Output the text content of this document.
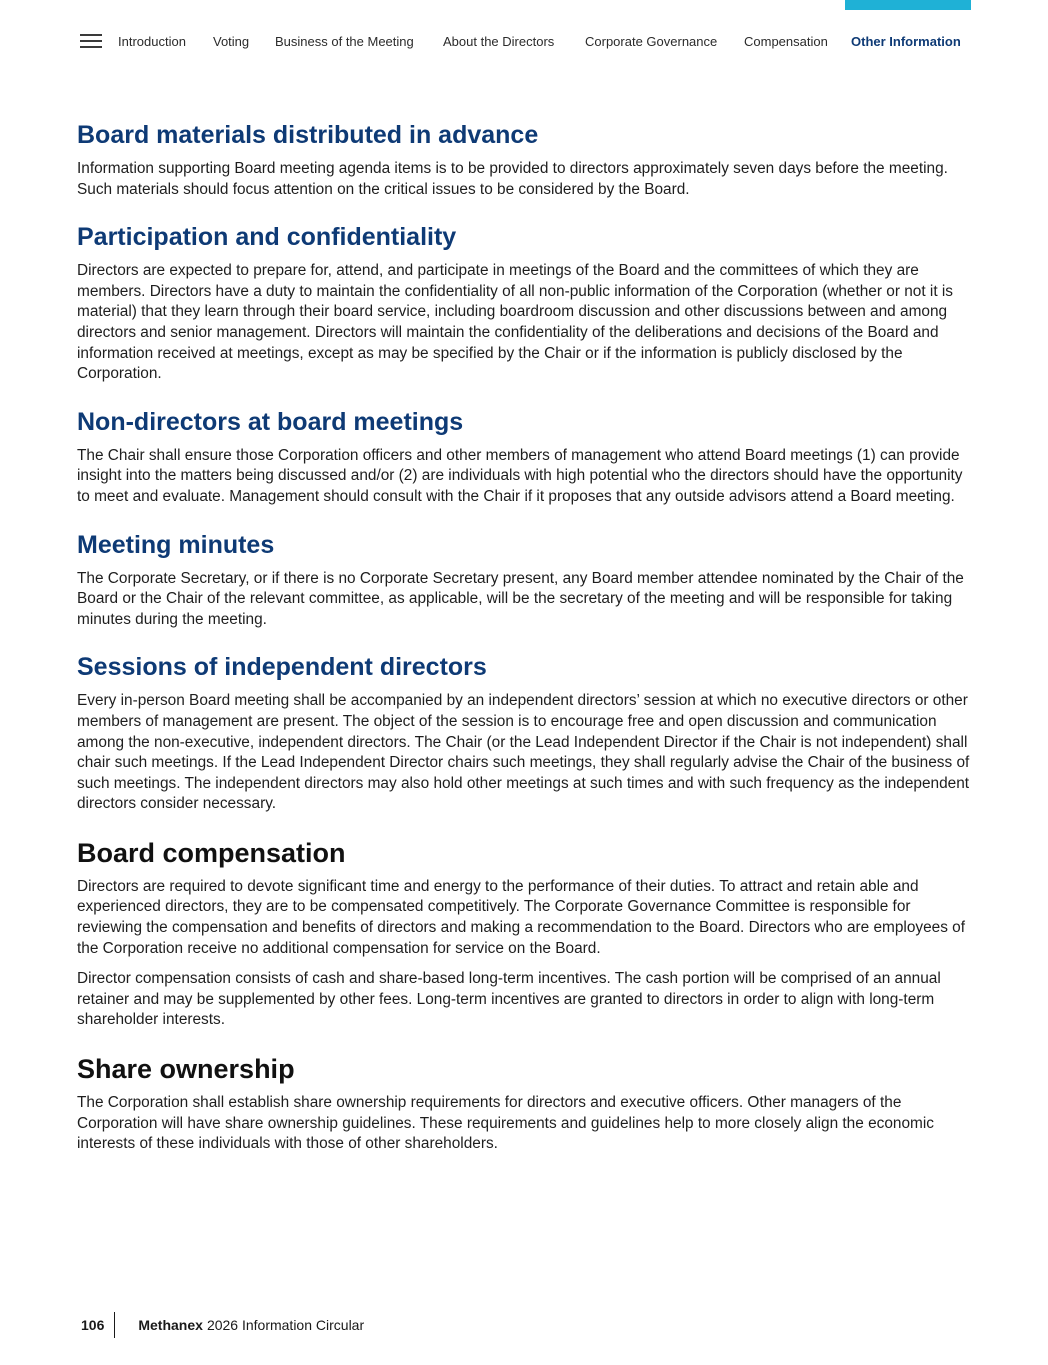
Introduction Voting Business of the Meeting About the Directors Corporate Governance Compensation Other Information
Board materials distributed in advance

Information supporting Board meeting agenda items is to be provided to directors approximately seven days before the meeting. Such materials should focus attention on the critical issues to be considered by the Board.

Participation and confidentiality

Directors are expected to prepare for, attend, and participate in meetings of the Board and the committees of which they are members. Directors have a duty to maintain the confidentiality of all non-public information of the Corporation (whether or not it is material) that they learn through their board service, including boardroom discussion and other discussions between and among directors and senior management. Directors will maintain the confidentiality of the deliberations and decisions of the Board and information received at meetings, except as may be specified by the Chair or if the information is publicly disclosed by the Corporation.

Non-directors at board meetings

The Chair shall ensure those Corporation officers and other members of management who attend Board meetings (1) can provide insight into the matters being discussed and/or (2) are individuals with high potential who the directors should have the opportunity to meet and evaluate. Management should consult with the Chair if it proposes that any outside advisors attend a Board meeting.

Meeting minutes

The Corporate Secretary, or if there is no Corporate Secretary present, any Board member attendee nominated by the Chair of the Board or the Chair of the relevant committee, as applicable, will be the secretary of the meeting and will be responsible for taking minutes during the meeting.

Sessions of independent directors

Every in-person Board meeting shall be accompanied by an independent directors’ session at which no executive directors or other members of management are present. The object of the session is to encourage free and open discussion and communication among the non-executive, independent directors. The Chair (or the Lead Independent Director if the Chair is not independent) shall chair such meetings. If the Lead Independent Director chairs such meetings, they shall regularly advise the Chair of the business of such meetings. The independent directors may also hold other meetings at such times and with such frequency as the independent directors consider necessary.

Board compensation

Directors are required to devote significant time and energy to the performance of their duties. To attract and retain able and experienced directors, they are to be compensated competitively. The Corporate Governance Committee is responsible for reviewing the compensation and benefits of directors and making a recommendation to the Board. Directors who are employees of the Corporation receive no additional compensation for service on the Board.

Director compensation consists of cash and share-based long-term incentives. The cash portion will be comprised of an annual retainer and may be supplemented by other fees. Long-term incentives are granted to directors in order to align with long-term shareholder interests.

Share ownership

The Corporation shall establish share ownership requirements for directors and executive officers. Other managers of the Corporation will have share ownership guidelines. These requirements and guidelines help to more closely align the economic interests of these individuals with those of other shareholders.

106	Methanex 2026 Information Circular
